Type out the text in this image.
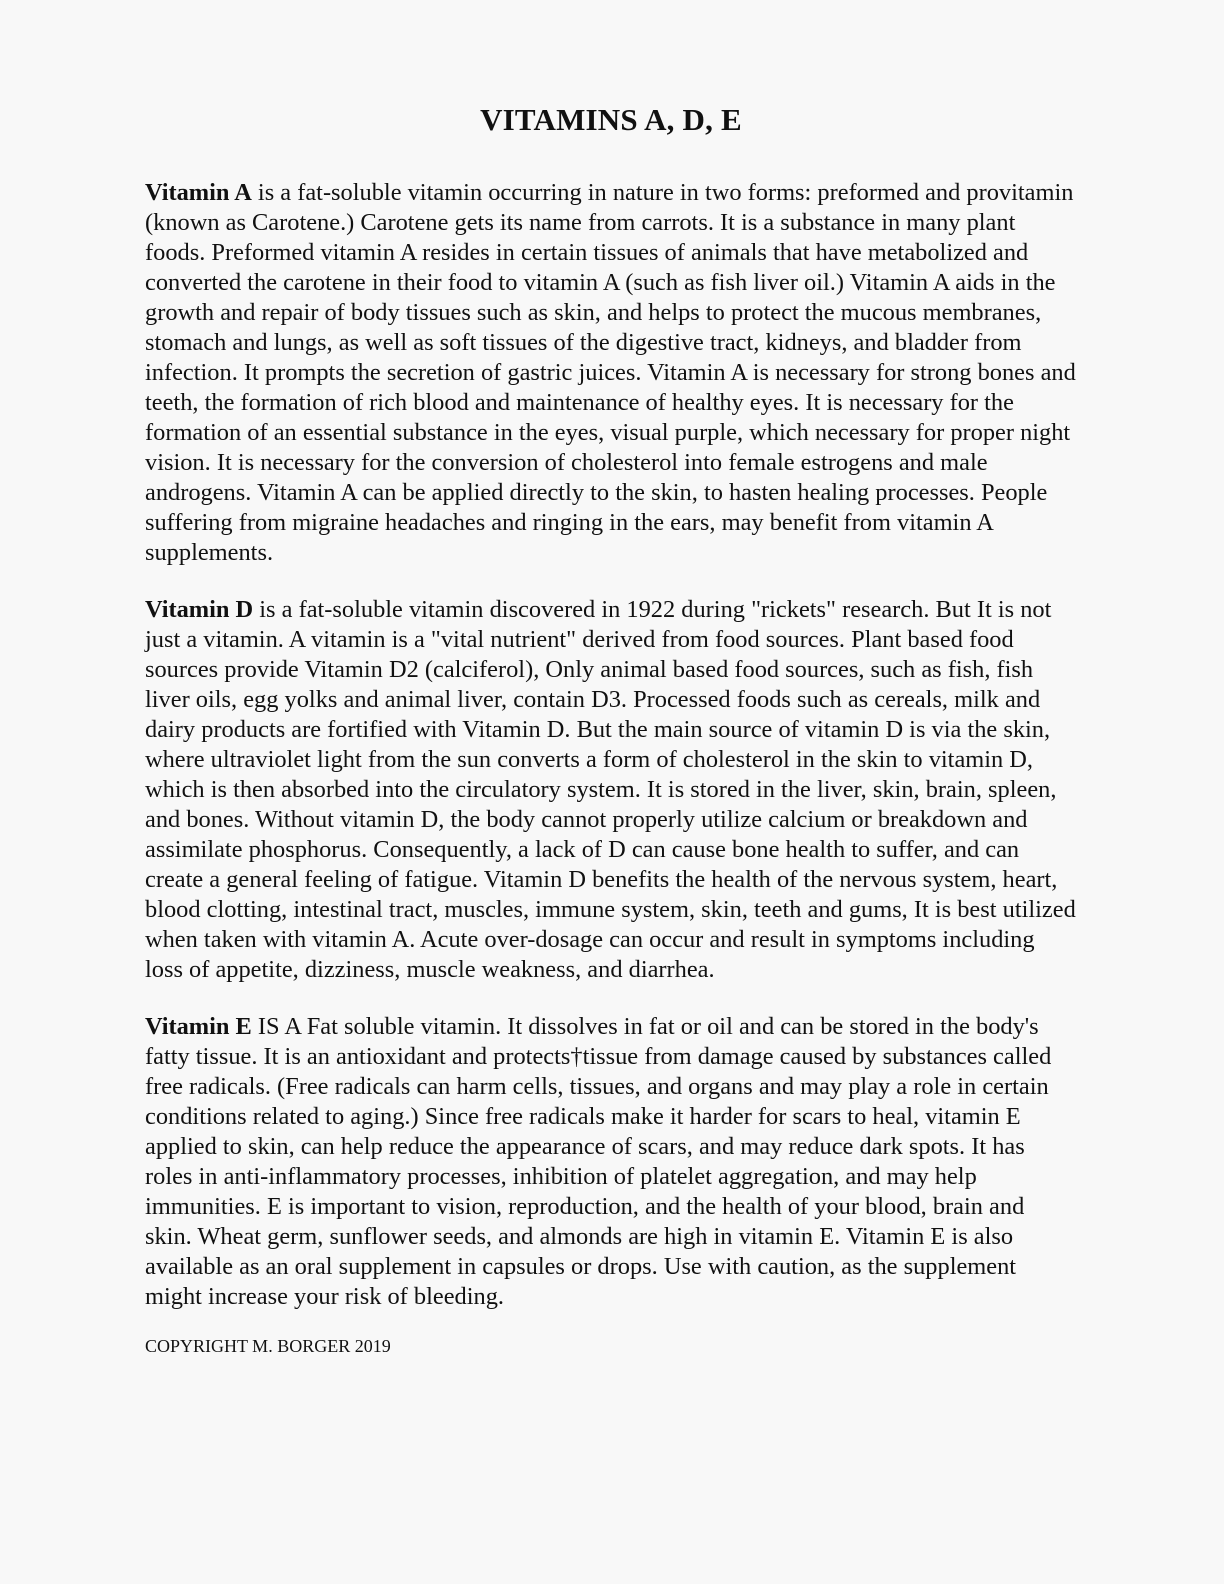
VITAMINS A, D, E

Vitamin A is a fat-soluble vitamin occurring in nature in two forms: preformed and provitamin (known as Carotene.) Carotene gets its name from carrots. It is a substance in many plant foods. Preformed vitamin A resides in certain tissues of animals that have metabolized and converted the carotene in their food to vitamin A (such as fish liver oil.) Vitamin A aids in the growth and repair of body tissues such as skin, and helps to protect the mucous membranes, stomach and lungs, as well as soft tissues of the digestive tract, kidneys, and bladder from infection. It prompts the secretion of gastric juices. Vitamin A is necessary for strong bones and teeth, the formation of rich blood and maintenance of healthy eyes. It is necessary for the formation of an essential substance in the eyes, visual purple, which necessary for proper night vision. It is necessary for the conversion of cholesterol into female estrogens and male androgens. Vitamin A can be applied directly to the skin, to hasten healing processes. People suffering from migraine headaches and ringing in the ears, may benefit from vitamin A supplements.

Vitamin D is a fat-soluble vitamin discovered in 1922 during "rickets" research. But It is not just a vitamin. A vitamin is a "vital nutrient" derived from food sources. Plant based food sources provide Vitamin D2 (calciferol), Only animal based food sources, such as fish, fish liver oils, egg yolks and animal liver, contain D3. Processed foods such as cereals, milk and dairy products are fortified with Vitamin D. But the main source of vitamin D is via the skin, where ultraviolet light from the sun converts a form of cholesterol in the skin to vitamin D, which is then absorbed into the circulatory system. It is stored in the liver, skin, brain, spleen, and bones. Without vitamin D, the body cannot properly utilize calcium or breakdown and assimilate phosphorus. Consequently, a lack of D can cause bone health to suffer, and can create a general feeling of fatigue. Vitamin D benefits the health of the nervous system, heart, blood clotting, intestinal tract, muscles, immune system, skin, teeth and gums, It is best utilized when taken with vitamin A. Acute over-dosage can occur and result in symptoms including loss of appetite, dizziness, muscle weakness, and diarrhea.

Vitamin E IS A Fat soluble vitamin. It dissolves in fat or oil and can be stored in the body's fatty tissue. It is an antioxidant and protects†tissue from damage caused by substances called free radicals. (Free radicals can harm cells, tissues, and organs and may play a role in certain conditions related to aging.) Since free radicals make it harder for scars to heal, vitamin E applied to skin, can help reduce the appearance of scars, and may reduce dark spots. It has roles in anti-inflammatory processes, inhibition of platelet aggregation, and may help immunities. E is important to vision, reproduction, and the health of your blood, brain and skin. Wheat germ, sunflower seeds, and almonds are high in vitamin E. Vitamin E is also available as an oral supplement in capsules or drops. Use with caution, as the supplement might increase your risk of bleeding.

COPYRIGHT M. BORGER 2019
